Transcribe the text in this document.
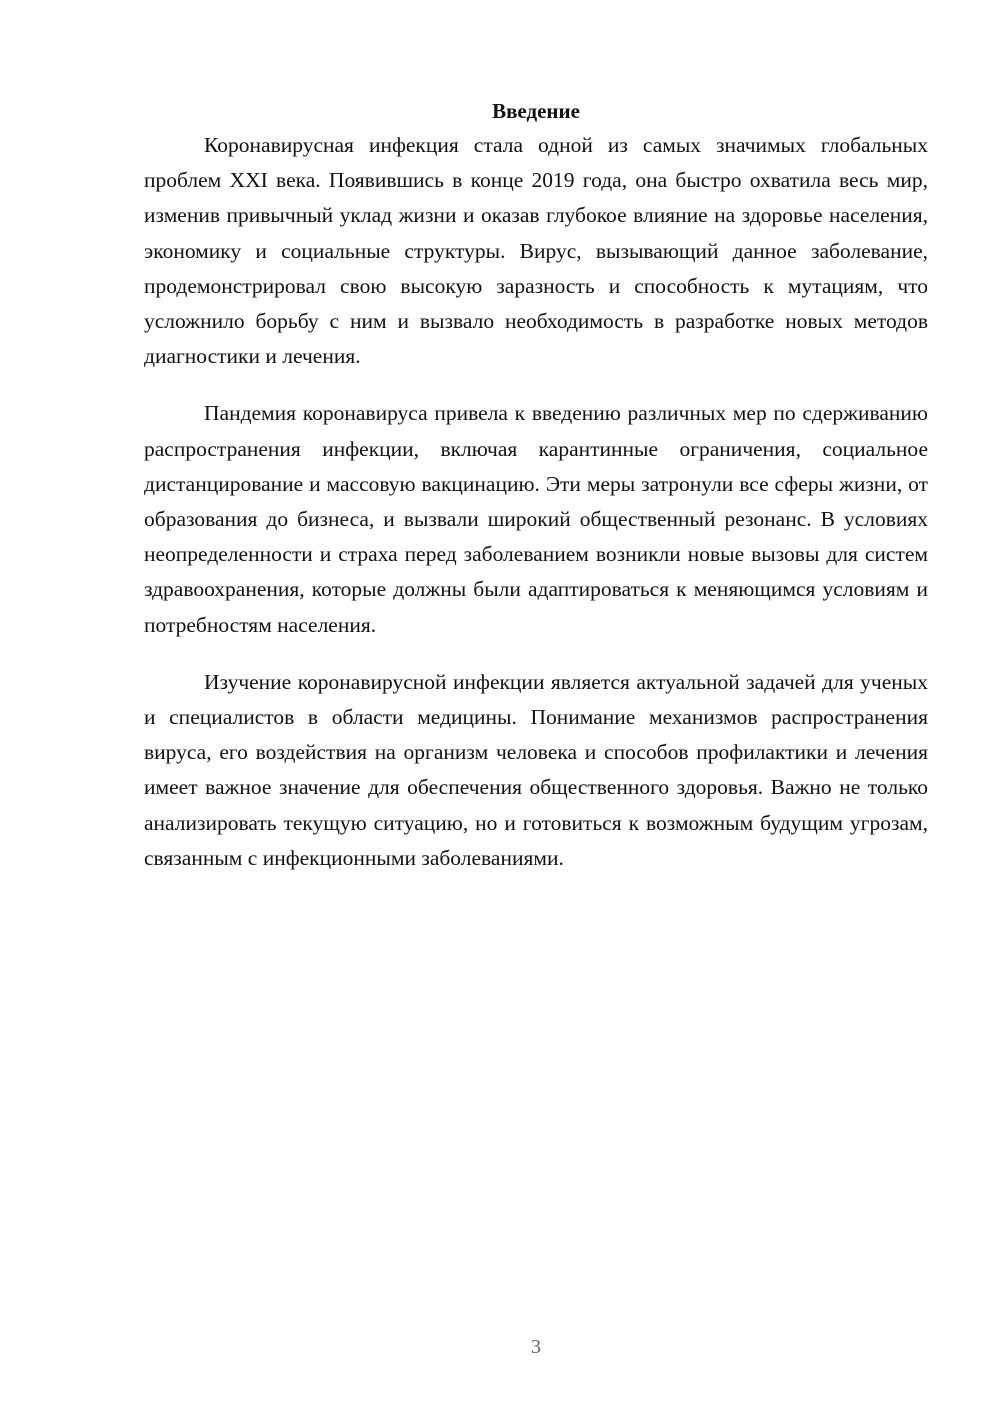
Введение

Коронавирусная инфекция стала одной из самых значимых глобальных проблем XXI века. Появившись в конце 2019 года, она быстро охватила весь мир, изменив привычный уклад жизни и оказав глубокое влияние на здоровье населения, экономику и социальные структуры. Вирус, вызывающий данное заболевание, продемонстрировал свою высокую заразность и способность к мутациям, что усложнило борьбу с ним и вызвало необходимость в разработке новых методов диагностики и лечения.

Пандемия коронавируса привела к введению различных мер по сдерживанию распространения инфекции, включая карантинные ограничения, социальное дистанцирование и массовую вакцинацию. Эти меры затронули все сферы жизни, от образования до бизнеса, и вызвали широкий общественный резонанс. В условиях неопределенности и страха перед заболеванием возникли новые вызовы для систем здравоохранения, которые должны были адаптироваться к меняющимся условиям и потребностям населения.

Изучение коронавирусной инфекции является актуальной задачей для ученых и специалистов в области медицины. Понимание механизмов распространения вируса, его воздействия на организм человека и способов профилактики и лечения имеет важное значение для обеспечения общественного здоровья. Важно не только анализировать текущую ситуацию, но и готовиться к возможным будущим угрозам, связанным с инфекционными заболеваниями.

3
